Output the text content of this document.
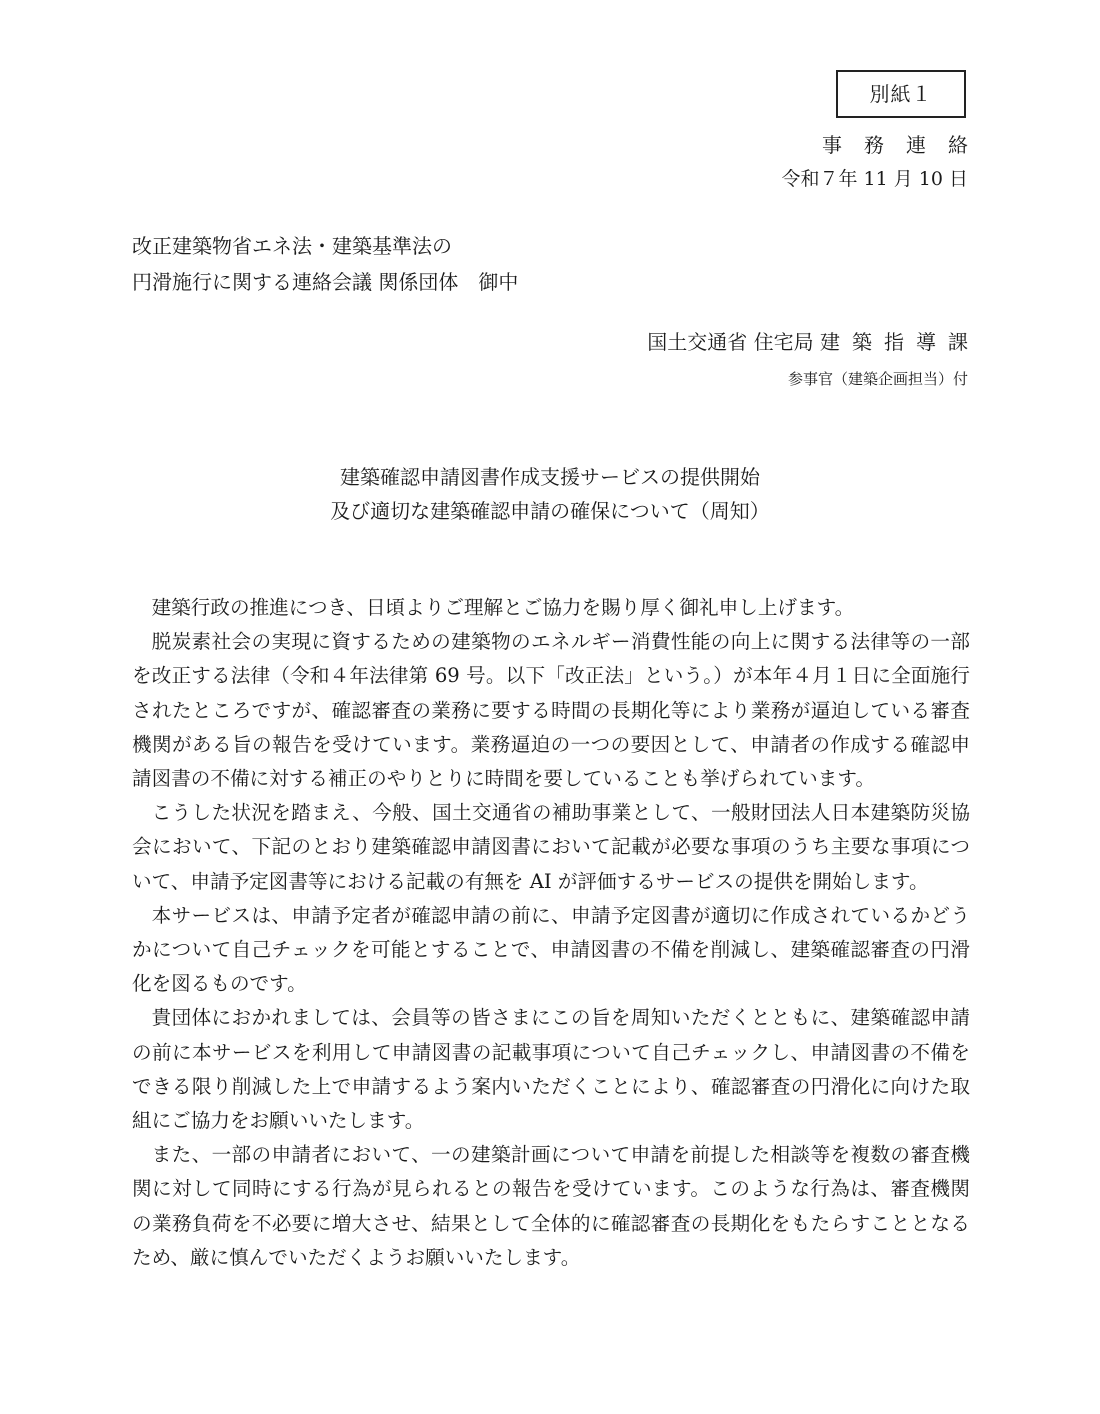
別紙１
事務連絡
令和７年 11 月 10 日
改正建築物省エネ法・建築基準法の
円滑施行に関する連絡会議 関係団体　御中
国土交通省 住宅局 建築指導課
参事官（建築企画担当）付
建築確認申請図書作成支援サービスの提供開始
及び適切な建築確認申請の確保について（周知）

建築行政の推進につき、日頃よりご理解とご協力を賜り厚く御礼申し上げます。

脱炭素社会の実現に資するための建築物のエネルギー消費性能の向上に関する法律等の一部を改正する法律（令和４年法律第 69 号。以下「改正法」という。）が本年４月１日に全面施行されたところですが、確認審査の業務に要する時間の長期化等により業務が逼迫している審査機関がある旨の報告を受けています。業務逼迫の一つの要因として、申請者の作成する確認申請図書の不備に対する補正のやりとりに時間を要していることも挙げられています。

こうした状況を踏まえ、今般、国土交通省の補助事業として、一般財団法人日本建築防災協会において、下記のとおり建築確認申請図書において記載が必要な事項のうち主要な事項について、申請予定図書等における記載の有無を AI が評価するサービスの提供を開始します。

本サービスは、申請予定者が確認申請の前に、申請予定図書が適切に作成されているかどうかについて自己チェックを可能とすることで、申請図書の不備を削減し、建築確認審査の円滑化を図るものです。

貴団体におかれましては、会員等の皆さまにこの旨を周知いただくとともに、建築確認申請の前に本サービスを利用して申請図書の記載事項について自己チェックし、申請図書の不備をできる限り削減した上で申請するよう案内いただくことにより、確認審査の円滑化に向けた取組にご協力をお願いいたします。

また、一部の申請者において、一の建築計画について申請を前提した相談等を複数の審査機関に対して同時にする行為が見られるとの報告を受けています。このような行為は、審査機関の業務負荷を不必要に増大させ、結果として全体的に確認審査の長期化をもたらすこととなるため、厳に慎んでいただくようお願いいたします。
